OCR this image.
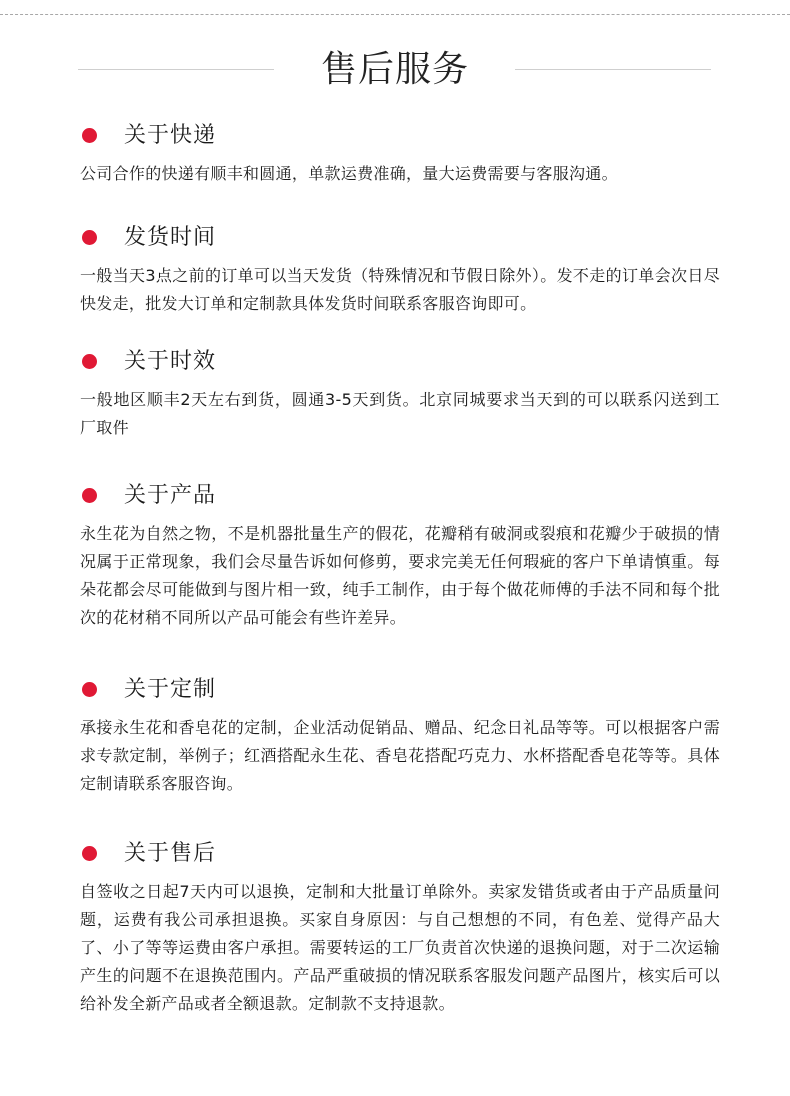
售后服务
关于快递
公司合作的快递有顺丰和圆通，单款运费准确，量大运费需要与客服沟通。
发货时间
一般当天3点之前的订单可以当天发货（特殊情况和节假日除外）。发不走的订单会次日尽快发走，批发大订单和定制款具体发货时间联系客服咨询即可。
关于时效
一般地区顺丰2天左右到货，圆通3-5天到货。北京同城要求当天到的可以联系闪送到工厂取件
关于产品
永生花为自然之物，不是机器批量生产的假花，花瓣稍有破洞或裂痕和花瓣少于破损的情况属于正常现象，我们会尽量告诉如何修剪，要求完美无任何瑕疵的客户下单请慎重。每朵花都会尽可能做到与图片相一致，纯手工制作，由于每个做花师傅的手法不同和每个批次的花材稍不同所以产品可能会有些许差异。
关于定制
承接永生花和香皂花的定制，企业活动促销品、赠品、纪念日礼品等等。可以根据客户需求专款定制，举例子；红酒搭配永生花、香皂花搭配巧克力、水杯搭配香皂花等等。具体定制请联系客服咨询。
关于售后
自签收之日起7天内可以退换，定制和大批量订单除外。卖家发错货或者由于产品质量问题，运费有我公司承担退换。买家自身原因：与自己想想的不同，有色差、觉得产品大了、小了等等运费由客户承担。需要转运的工厂负责首次快递的退换问题，对于二次运输产生的问题不在退换范围内。产品严重破损的情况联系客服发问题产品图片，核实后可以给补发全新产品或者全额退款。定制款不支持退款。
